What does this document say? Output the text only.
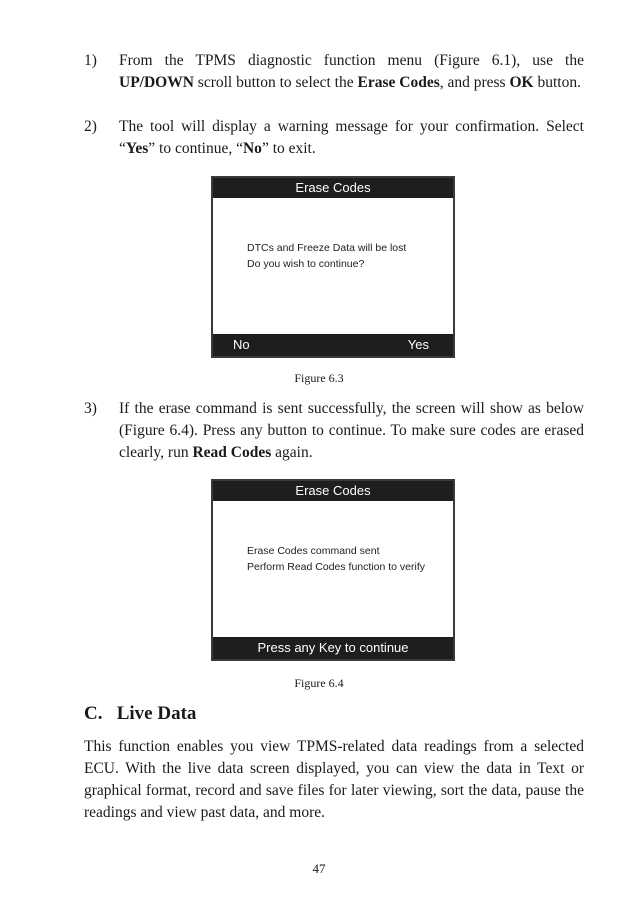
1) From the TPMS diagnostic function menu (Figure 6.1), use the UP/DOWN scroll button to select the Erase Codes, and press OK button.
2) The tool will display a warning message for your confirmation. Select “Yes” to continue, “No” to exit.
Erase Codes
DTCs and Freeze Data will be lost
Do you wish to continue?
No	Yes
Figure 6.3
3) If the erase command is sent successfully, the screen will show as below (Figure 6.4). Press any button to continue. To make sure codes are erased clearly, run Read Codes again.
Erase Codes
Erase Codes command sent
Perform Read Codes function to verify
Press any Key to continue
Figure 6.4
C.   Live Data
This function enables you view TPMS-related data readings from a selected ECU. With the live data screen displayed, you can view the data in Text or graphical format, record and save files for later viewing, sort the data, pause the readings and view past data, and more.
47
